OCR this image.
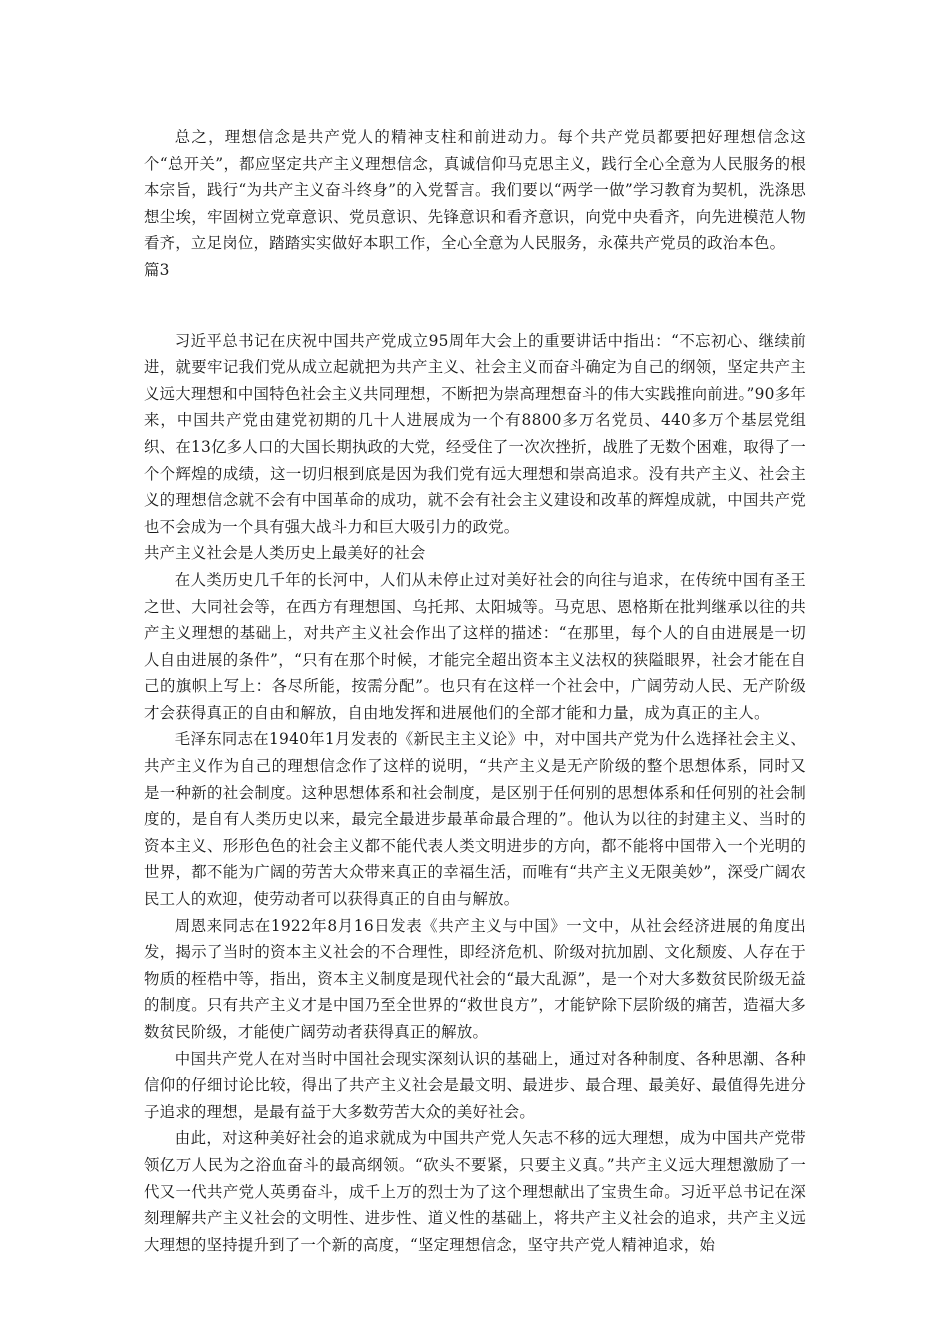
总之，理想信念是共产党人的精神支柱和前进动力。每个共产党员都要把好理想信念这个“总开关”，都应坚定共产主义理想信念，真诚信仰马克思主义，践行全心全意为人民服务的根本宗旨，践行“为共产主义奋斗终身”的入党誓言。我们要以“两学一做”学习教育为契机，洗涤思想尘埃，牢固树立党章意识、党员意识、先锋意识和看齐意识，向党中央看齐，向先进模范人物看齐，立足岗位，踏踏实实做好本职工作，全心全意为人民服务，永葆共产党员的政治本色。

篇3

习近平总书记在庆祝中国共产党成立95周年大会上的重要讲话中指出：“不忘初心、继续前进，就要牢记我们党从成立起就把为共产主义、社会主义而奋斗确定为自己的纲领，坚定共产主义远大理想和中国特色社会主义共同理想，不断把为崇高理想奋斗的伟大实践推向前进。”90多年来，中国共产党由建党初期的几十人进展成为一个有8800多万名党员、440多万个基层党组织、在13亿多人口的大国长期执政的大党，经受住了一次次挫折，战胜了无数个困难，取得了一个个辉煌的成绩，这一切归根到底是因为我们党有远大理想和崇高追求。没有共产主义、社会主义的理想信念就不会有中国革命的成功，就不会有社会主义建设和改革的辉煌成就，中国共产党也不会成为一个具有强大战斗力和巨大吸引力的政党。

共产主义社会是人类历史上最美好的社会

在人类历史几千年的长河中，人们从未停止过对美好社会的向往与追求，在传统中国有圣王之世、大同社会等，在西方有理想国、乌托邦、太阳城等。马克思、恩格斯在批判继承以往的共产主义理想的基础上，对共产主义社会作出了这样的描述：“在那里，每个人的自由进展是一切人自由进展的条件”，“只有在那个时候，才能完全超出资本主义法权的狭隘眼界，社会才能在自己的旗帜上写上：各尽所能，按需分配”。也只有在这样一个社会中，广阔劳动人民、无产阶级才会获得真正的自由和解放，自由地发挥和进展他们的全部才能和力量，成为真正的主人。

毛泽东同志在1940年1月发表的《新民主主义论》中，对中国共产党为什么选择社会主义、共产主义作为自己的理想信念作了这样的说明，“共产主义是无产阶级的整个思想体系，同时又是一种新的社会制度。这种思想体系和社会制度，是区别于任何别的思想体系和任何别的社会制度的，是自有人类历史以来，最完全最进步最革命最合理的”。他认为以往的封建主义、当时的资本主义、形形色色的社会主义都不能代表人类文明进步的方向，都不能将中国带入一个光明的世界，都不能为广阔的劳苦大众带来真正的幸福生活，而唯有“共产主义无限美妙”，深受广阔农民工人的欢迎，使劳动者可以获得真正的自由与解放。

周恩来同志在1922年8月16日发表《共产主义与中国》一文中，从社会经济进展的角度出发，揭示了当时的资本主义社会的不合理性，即经济危机、阶级对抗加剧、文化颓废、人存在于物质的桎梏中等，指出，资本主义制度是现代社会的“最大乱源”，是一个对大多数贫民阶级无益的制度。只有共产主义才是中国乃至全世界的“救世良方”，才能铲除下层阶级的痛苦，造福大多数贫民阶级，才能使广阔劳动者获得真正的解放。

中国共产党人在对当时中国社会现实深刻认识的基础上，通过对各种制度、各种思潮、各种信仰的仔细讨论比较，得出了共产主义社会是最文明、最进步、最合理、最美好、最值得先进分子追求的理想，是最有益于大多数劳苦大众的美好社会。

由此，对这种美好社会的追求就成为中国共产党人矢志不移的远大理想，成为中国共产党带领亿万人民为之浴血奋斗的最高纲领。“砍头不要紧，只要主义真。”共产主义远大理想激励了一代又一代共产党人英勇奋斗，成千上万的烈士为了这个理想献出了宝贵生命。习近平总书记在深刻理解共产主义社会的文明性、进步性、道义性的基础上，将共产主义社会的追求，共产主义远大理想的坚持提升到了一个新的高度，“坚定理想信念，坚守共产党人精神追求，始
